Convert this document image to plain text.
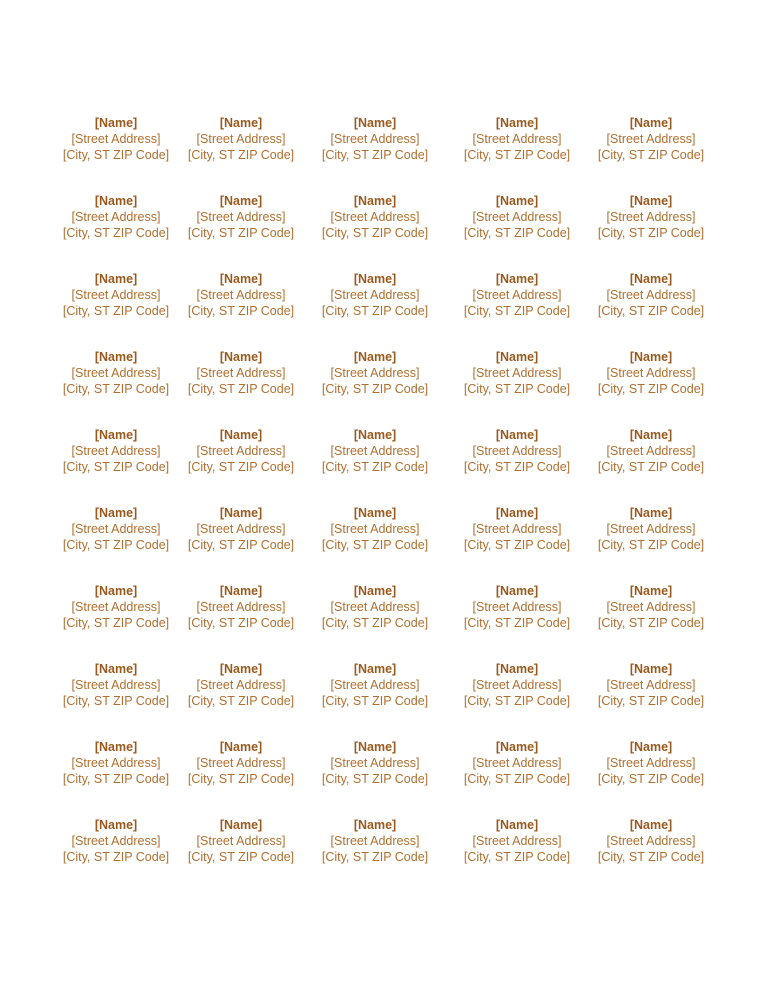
[Name]
[Street Address]
[City, ST ZIP Code]
[Name]
[Street Address]
[City, ST ZIP Code]
[Name]
[Street Address]
[City, ST ZIP Code]
[Name]
[Street Address]
[City, ST ZIP Code]
[Name]
[Street Address]
[City, ST ZIP Code]
[Name]
[Street Address]
[City, ST ZIP Code]
[Name]
[Street Address]
[City, ST ZIP Code]
[Name]
[Street Address]
[City, ST ZIP Code]
[Name]
[Street Address]
[City, ST ZIP Code]
[Name]
[Street Address]
[City, ST ZIP Code]
[Name]
[Street Address]
[City, ST ZIP Code]
[Name]
[Street Address]
[City, ST ZIP Code]
[Name]
[Street Address]
[City, ST ZIP Code]
[Name]
[Street Address]
[City, ST ZIP Code]
[Name]
[Street Address]
[City, ST ZIP Code]
[Name]
[Street Address]
[City, ST ZIP Code]
[Name]
[Street Address]
[City, ST ZIP Code]
[Name]
[Street Address]
[City, ST ZIP Code]
[Name]
[Street Address]
[City, ST ZIP Code]
[Name]
[Street Address]
[City, ST ZIP Code]
[Name]
[Street Address]
[City, ST ZIP Code]
[Name]
[Street Address]
[City, ST ZIP Code]
[Name]
[Street Address]
[City, ST ZIP Code]
[Name]
[Street Address]
[City, ST ZIP Code]
[Name]
[Street Address]
[City, ST ZIP Code]
[Name]
[Street Address]
[City, ST ZIP Code]
[Name]
[Street Address]
[City, ST ZIP Code]
[Name]
[Street Address]
[City, ST ZIP Code]
[Name]
[Street Address]
[City, ST ZIP Code]
[Name]
[Street Address]
[City, ST ZIP Code]
[Name]
[Street Address]
[City, ST ZIP Code]
[Name]
[Street Address]
[City, ST ZIP Code]
[Name]
[Street Address]
[City, ST ZIP Code]
[Name]
[Street Address]
[City, ST ZIP Code]
[Name]
[Street Address]
[City, ST ZIP Code]
[Name]
[Street Address]
[City, ST ZIP Code]
[Name]
[Street Address]
[City, ST ZIP Code]
[Name]
[Street Address]
[City, ST ZIP Code]
[Name]
[Street Address]
[City, ST ZIP Code]
[Name]
[Street Address]
[City, ST ZIP Code]
[Name]
[Street Address]
[City, ST ZIP Code]
[Name]
[Street Address]
[City, ST ZIP Code]
[Name]
[Street Address]
[City, ST ZIP Code]
[Name]
[Street Address]
[City, ST ZIP Code]
[Name]
[Street Address]
[City, ST ZIP Code]
[Name]
[Street Address]
[City, ST ZIP Code]
[Name]
[Street Address]
[City, ST ZIP Code]
[Name]
[Street Address]
[City, ST ZIP Code]
[Name]
[Street Address]
[City, ST ZIP Code]
[Name]
[Street Address]
[City, ST ZIP Code]
